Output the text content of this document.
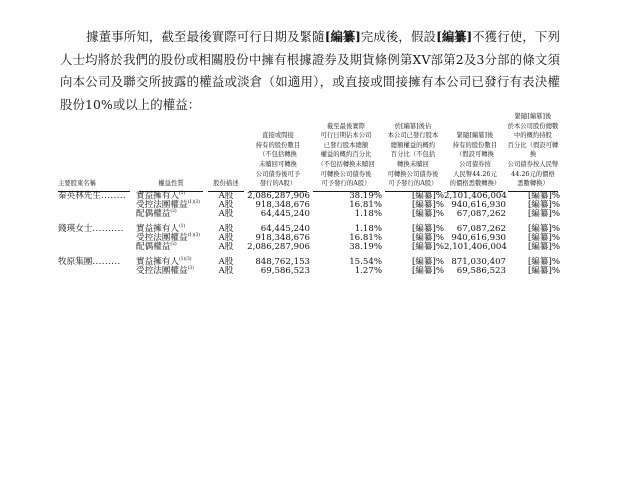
據董事所知，截至最後實際可行日期及緊隨[編纂]完成後，假設[編纂]不獲行使，下列人士均將於我們的股份或相關股份中擁有根據證券及期貨條例第XV部第2及3分部的條文須向本公司及聯交所披露的權益或淡倉（如適用），或直接或間接擁有本公司已發行有表決權股份10%或以上的權益：

主要股東名稱	權益性質	股份描述

直接或間接
持有的股份數目
（不包括轉換
未贖回可轉換
公司債券後可予
發行的A股）

截至最後實際
可行日期佔本公司
已發行股本總額
權益的概約百分比
（不包括轉換未贖回
可轉換公司債券後
可予發行的A股）

於[編纂]後佔
本公司已發行股本
總額權益的概約
百分比（不包括
轉換未贖回
可轉換公司債券後
可予發行的A股）

緊隨[編纂]後
持有的股份數目
（假設可轉換
公司債券按
人民幣44.26元
的價格悉數轉換）

緊隨[編纂]後
於本公司股份總數
中的概約持股
百分比（假設可轉換
公司債券按人民幣
44.26元的價格
悉數轉換）

秦英林先生........	實益擁有人$^{(1)}$	A股	2,086,287,906	38.19%	[編纂]%	2,101,406,004	[編纂]%
	受控法團權益$^{(1)(3)}$	A股	918,348,676	16.81%	[編纂]%	940,616,930	[編纂]%
	配偶權益$^{(2)}$	A股	64,445,240	1.18%	[編纂]%	67,087,262	[編纂]%

錢瑛女士..........	實益擁有人$^{(1)}$	A股	64,445,240	1.18%	[編纂]%	67,087,262	[編纂]%
	受控法團權益$^{(1)(3)}$	A股	918,348,676	16.81%	[編纂]%	940,616,930	[編纂]%
	配偶權益$^{(2)}$	A股	2,086,287,906	38.19%	[編纂]%	2,101,406,004	[編纂]%

牧原集團.........	實益擁有人$^{(1)(3)}$	A股	848,762,153	15.54%	[編纂]%	871,030,407	[編纂]%
	受控法團權益$^{(3)}$	A股	69,586,523	1.27%	[編纂]%	69,586,523	[編纂]%
